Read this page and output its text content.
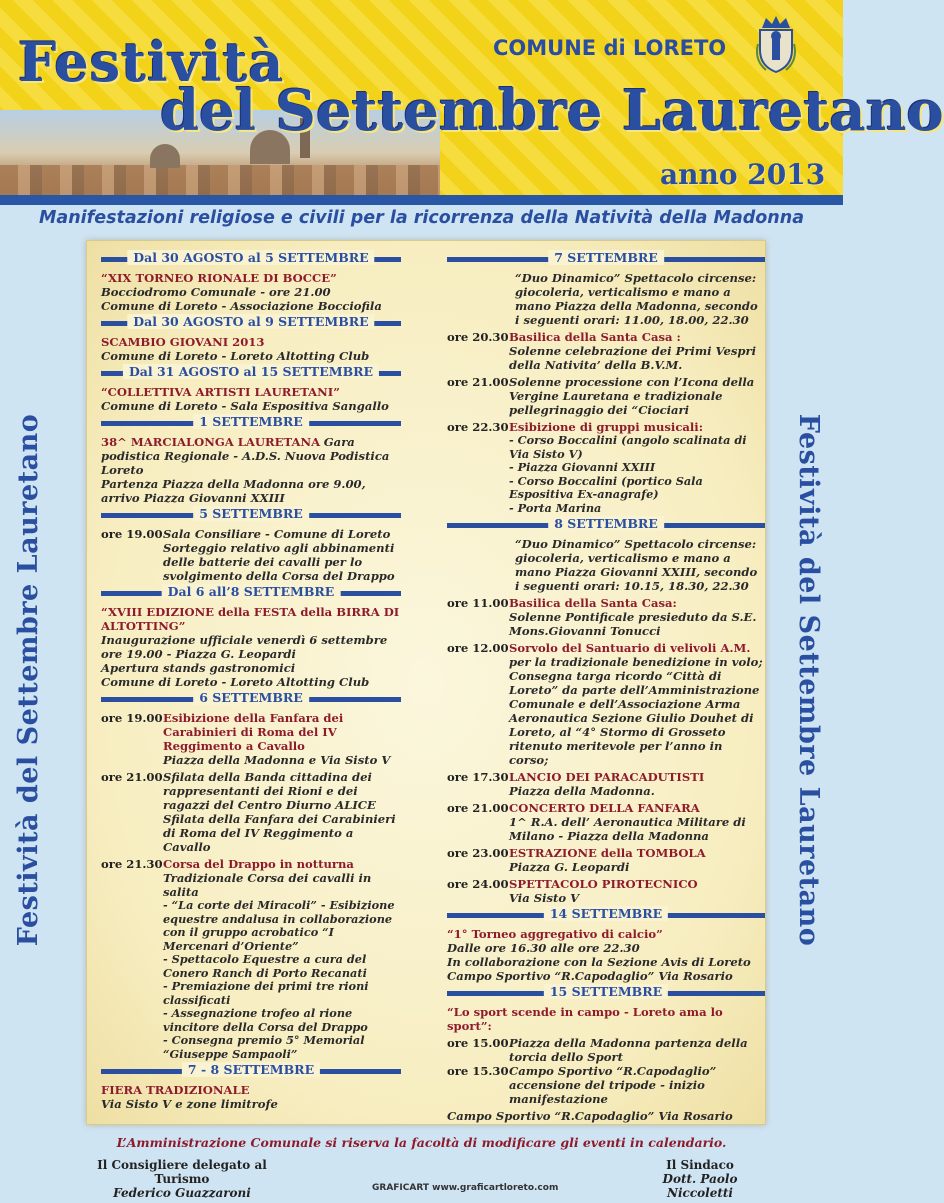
Festività
del Settembre Lauretano
anno 2013
COMUNE di LORETO
Manifestazioni religiose e civili per la ricorrenza della Natività della Madonna
Festività del Settembre Lauretano	Festività del Settembre Lauretano
Dal 30 AGOSTO al 5 SETTEMBRE
“XIX TORNEO RIONALE DI BOCCE”
Bocciodromo Comunale - ore 21.00
Comune di Loreto - Associazione Bocciofila
Dal 30 AGOSTO al 9 SETTEMBRE
SCAMBIO GIOVANI 2013
Comune di Loreto - Loreto Altotting Club
Dal 31 AGOSTO al 15 SETTEMBRE
“COLLETTIVA ARTISTI LAURETANI”
Comune di Loreto - Sala Espositiva Sangallo
1 SETTEMBRE
38^ MARCIALONGA LAURETANA Gara podistica Regionale - A.D.S. Nuova Podistica Loreto
Partenza Piazza della Madonna ore 9.00, arrivo Piazza Giovanni XXIII
5 SETTEMBRE
ore 19.00 Sala Consiliare - Comune di Loreto
Sorteggio relativo agli abbinamenti delle batterie dei cavalli per lo svolgimento della Corsa del Drappo
Dal 6 all’8 SETTEMBRE
“XVIII EDIZIONE della FESTA della BIRRA DI ALTOTTING”
Inaugurazione ufficiale venerdì 6 settembre ore 19.00 - Piazza G. Leopardi
Apertura stands gastronomici
Comune di Loreto - Loreto Altotting Club
6 SETTEMBRE
ore 19.00 Esibizione della Fanfara dei Carabinieri di Roma del IV Reggimento a Cavallo
Piazza della Madonna e Via Sisto V
ore 21.00 Sfilata della Banda cittadina dei rappresentanti dei Rioni e dei ragazzi del Centro Diurno ALICE
Sfilata della Fanfara dei Carabinieri di Roma del IV Reggimento a Cavallo
ore 21.30 Corsa del Drappo in notturna
Tradizionale Corsa dei cavalli in salita
- “La corte dei Miracoli” - Esibizione equestre andalusa in collaborazione con il gruppo acrobatico “I Mercenari d’Oriente”
- Spettacolo Equestre a cura del Conero Ranch di Porto Recanati
- Premiazione dei primi tre rioni classificati
- Assegnazione trofeo al rione vincitore della Corsa del Drappo
- Consegna premio 5° Memorial “Giuseppe Sampaoli”
7 - 8 SETTEMBRE
FIERA TRADIZIONALE
Via Sisto V e zone limitrofe
7 SETTEMBRE
“Duo Dinamico” Spettacolo circense: giocoleria, verticalismo e mano a mano Piazza della Madonna, secondo i seguenti orari: 11.00, 18.00, 22.30
ore 20.30 Basilica della Santa Casa :
Solenne celebrazione dei Primi Vespri della Nativita’ della B.V.M.
ore 21.00 Solenne processione con l’Icona della Vergine Lauretana e tradizionale pellegrinaggio dei “Ciociari
ore 22.30 Esibizione di gruppi musicali:
- Corso Boccalini (angolo scalinata di Via Sisto V)
- Piazza Giovanni XXIII
- Corso Boccalini (portico Sala Espositiva Ex-anagrafe)
- Porta Marina
8 SETTEMBRE
“Duo Dinamico” Spettacolo circense: giocoleria, verticalismo e mano a mano Piazza Giovanni XXIII, secondo i seguenti orari: 10.15, 18.30, 22.30
ore 11.00 Basilica della Santa Casa:
Solenne Pontificale presieduto da S.E. Mons.Giovanni Tonucci
ore 12.00 Sorvolo del Santuario di velivoli A.M.
per la tradizionale benedizione in volo; Consegna targa ricordo “Città di Loreto” da parte dell’Amministrazione Comunale e dell’Associazione Arma Aeronautica Sezione Giulio Douhet di Loreto, al “4° Stormo di Grosseto ritenuto meritevole per l’anno in corso;
ore 17.30 LANCIO DEI PARACADUTISTI
Piazza della Madonna.
ore 21.00 CONCERTO DELLA FANFARA
1^ R.A. dell’ Aeronautica Militare di Milano - Piazza della Madonna
ore 23.00 ESTRAZIONE della TOMBOLA
Piazza G. Leopardi
ore 24.00 SPETTACOLO PIROTECNICO
Via Sisto V
14 SETTEMBRE
“1° Torneo aggregativo di calcio”
Dalle ore 16.30 alle ore 22.30
In collaborazione con la Sezione Avis di Loreto
Campo Sportivo “R.Capodaglio” Via Rosario
15 SETTEMBRE
“Lo sport scende in campo - Loreto ama lo sport”:
ore 15.00 Piazza della Madonna partenza della torcia dello Sport
ore 15.30 Campo Sportivo “R.Capodaglio” accensione del tripode - inizio manifestazione
Campo Sportivo “R.Capodaglio” Via Rosario
L’Amministrazione Comunale si riserva la facoltà di modificare gli eventi in calendario.
Il Consigliere delegato al Turismo
Federico Guazzaroni
Il Sindaco
Dott. Paolo Niccoletti
GRAFICART www.graficartloreto.com
